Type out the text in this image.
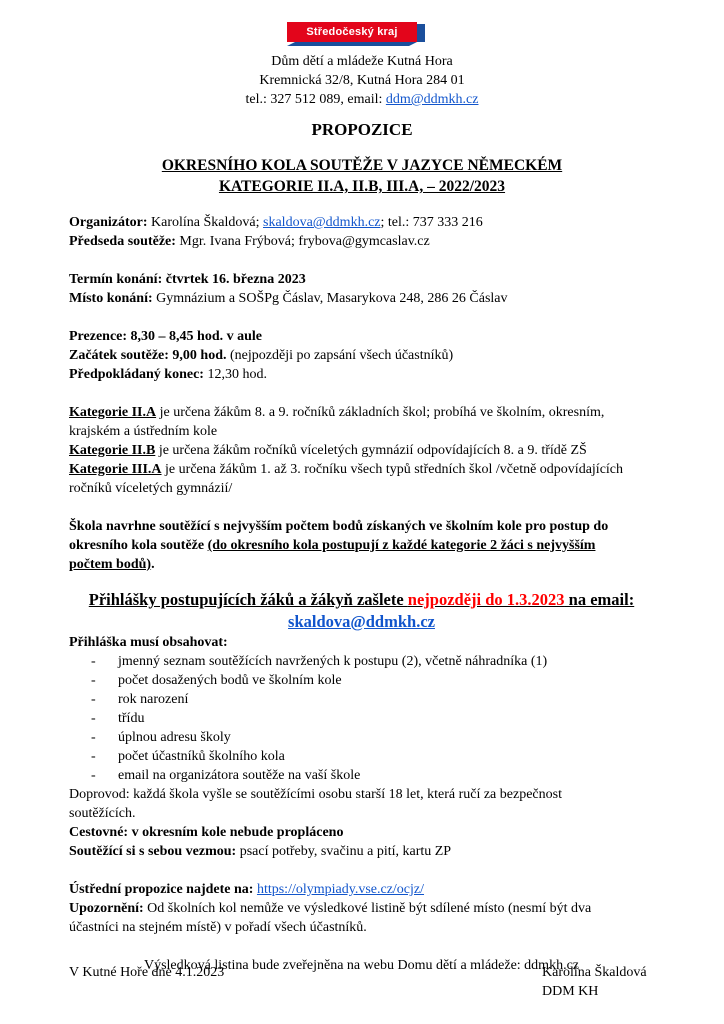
Středočeský kraj
Dům dětí a mládeže Kutná Hora
Kremnická 32/8, Kutná Hora 284 01
tel.: 327 512 089, email: ddm@ddmkh.cz
PROPOZICE
OKRESNÍHO KOLA SOUTĚŽE V JAZYCE NĚMECKÉM
KATEGORIE II.A, II.B, III.A, – 2022/2023
Organizátor: Karolína Škaldová; skaldova@ddmkh.cz; tel.: 737 333 216
Předseda soutěže: Mgr. Ivana Frýbová; frybova@gymcaslav.cz
Termín konání: čtvrtek 16. března 2023
Místo konání: Gymnázium a SOŠPg Čáslav, Masarykova 248, 286 26 Čáslav
Prezence: 8,30 – 8,45 hod. v aule
Začátek soutěže: 9,00 hod. (nejpozději po zapsání všech účastníků)
Předpokládaný konec: 12,30 hod.
Kategorie II.A je určena žákům 8. a 9. ročníků základních škol; probíhá ve školním, okresním,
krajském a ústředním kole
Kategorie II.B je určena žákům ročníků víceletých gymnázií odpovídajících 8. a 9. třídě ZŠ
Kategorie III.A je určena žákům 1. až 3. ročníku všech typů středních škol /včetně odpovídajících
ročníků víceletých gymnázií/
Škola navrhne soutěžící s nejvyšším počtem bodů získaných ve školním kole pro postup do
okresního kola soutěže (do okresního kola postupují z každé kategorie 2 žáci s nejvyšším
počtem bodů).
Přihlášky postupujících žáků a žákyň zašlete nejpozději do 1.3.2023 na email:
skaldova@ddmkh.cz
Přihláška musí obsahovat:
- jmenný seznam soutěžících navržených k postupu (2), včetně náhradníka (1)
- počet dosažených bodů ve školním kole
- rok narození
- třídu
- úplnou adresu školy
- počet účastníků školního kola
- email na organizátora soutěže na vaší škole
Doprovod: každá škola vyšle se soutěžícími osobu starší 18 let, která ručí za bezpečnost
soutěžících.
Cestovné: v okresním kole nebude propláceno
Soutěžící si s sebou vezmou: psací potřeby, svačinu a pití, kartu ZP
Ústřední propozice najdete na: https://olympiady.vse.cz/ocjz/
Upozornění: Od školních kol nemůže ve výsledkové listině být sdílené místo (nesmí být dva
účastníci na stejném místě) v pořadí všech účastníků.
Výsledková listina bude zveřejněna na webu Domu dětí a mládeže: ddmkh.cz
V Kutné Hoře dne 4.1.2023	Karolína Škaldová
DDM KH
